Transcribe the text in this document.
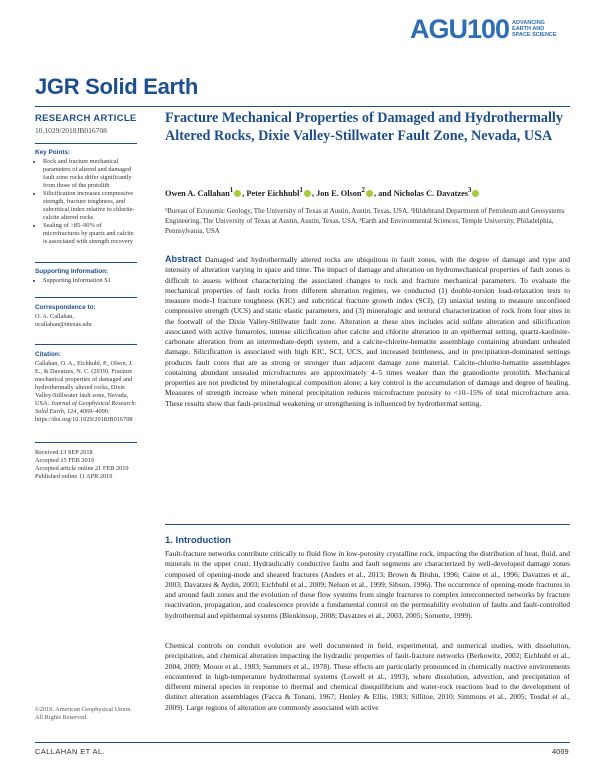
AGU100 ADVANCING
EARTH AND
SPACE SCIENCE
JGR Solid Earth
RESEARCH ARTICLE
10.1029/2018JB016708
Key Points:
• Rock and fracture mechanical parameters of altered and damaged fault zone rocks differ significantly from those of the protolith
• Silicification increases compressive strength, fracture toughness, and subcritical index relative to chlorite-calcite altered rocks
• Sealing of >85–90% of microfractures by quartz and calcite is associated with strength recovery
Supporting Information:
• Supporting Information S1
Correspondence to:
O. A. Callahan,
ocallahan@utexas.edu
Citation:
Callahan, O. A., Eichhubl, P., Olson, J. E., & Davatzes, N. C. (2019). Fracture mechanical properties of damaged and hydrothermally altered rocks, Dixie Valley-Stillwater fault zone, Nevada, USA. Journal of Geophysical Research: Solid Earth, 124, 4069–4090. https://doi.org/10.1029/2018JB016708
Received 13 SEP 2018
Accepted 15 FEB 2019
Accepted article online 21 FEB 2019
Published online 11 APR 2019
©2019. American Geophysical Union.
All Rights Reserved.
Fracture Mechanical Properties of Damaged and Hydrothermally Altered Rocks, Dixie Valley-Stillwater Fault Zone, Nevada, USA
Owen A. Callahan$^1$ , Peter Eichhubl$^1$ , Jon E. Olson$^2$ , and Nicholas C. Davatzes$^3$
¹Bureau of Economic Geology, The University of Texas at Austin, Austin, Texas, USA, ²Hildebrand Department of Petroleum and Geosystems Engineering, The University of Texas at Austin, Austin, Texas, USA, ³Earth and Environmental Sciences, Temple University, Philadelphia, Pennsylvania, USA
Abstract Damaged and hydrothermally altered rocks are ubiquitous in fault zones, with the degree of damage and type and intensity of alteration varying in space and time. The impact of damage and alteration on hydromechanical properties of fault zones is difficult to assess without characterizing the associated changes to rock and fracture mechanical parameters. To evaluate the mechanical properties of fault rocks from different alteration regimes, we conducted (1) double-torsion load-relaxation tests to measure mode-I fracture toughness (KIC) and subcritical fracture growth index (SCI), (2) uniaxial testing to measure unconfined compressive strength (UCS) and static elastic parameters, and (3) mineralogic and textural characterization of rock from four sites in the footwall of the Dixie Valley-Stillwater fault zone. Alteration at these sites includes acid sulfate alteration and silicification associated with active fumaroles, intense silicification after calcite and chlorite alteration in an epithermal setting, quartz-kaolinite-carbonate alteration from an intermediate-depth system, and a calcite-chlorite-hematite assemblage containing abundant unhealed damage. Silicification is associated with high KIC, SCI, UCS, and increased brittleness, and in precipitation-dominated settings produces fault cores that are as strong or stronger than adjacent damage zone material. Calcite-chlorite-hematite assemblages containing abundant unsealed microfractures are approximately 4–5 times weaker than the granodiorite protolith. Mechanical properties are not predicted by mineralogical composition alone; a key control is the accumulation of damage and degree of healing. Measures of strength increase when mineral precipitation reduces microfracture porosity to <10–15% of total microfracture area. These results show that fault-proximal weakening or strengthening is influenced by hydrothermal setting.
1. Introduction

Fault-fracture networks contribute critically to fluid flow in low-porosity crystalline rock, impacting the distribution of heat, fluid, and minerals in the upper crust. Hydraulically conductive faults and fault segments are characterized by well-developed damage zones composed of opening-mode and sheared fractures (Anders et al., 2013; Brown & Bruhn, 1996; Caine et al., 1996; Davatzes et al., 2003; Davatzes & Aydin, 2003; Eichhubl et al., 2009; Nelson et al., 1999; Sibson, 1996). The occurrence of opening-mode fractures in and around fault zones and the evolution of these flow systems from single fractures to complex interconnected networks by fracture reactivation, propagation, and coalescence provide a fundamental control on the permeability evolution of faults and fault-controlled hydrothermal and epithermal systems (Blenkinsop, 2008; Davatzes et al., 2003, 2005; Sornette, 1999).

Chemical controls on conduit evolution are well documented in field, experimental, and numerical studies, with dissolution, precipitation, and chemical alteration impacting the hydraulic properties of fault-fracture networks (Berkowitz, 2002; Eichhubl et al., 2004, 2009; Moore et al., 1983; Summers et al., 1978). These effects are particularly pronounced in chemically reactive environments encountered in high-temperature hydrothermal systems (Lowell et al., 1993), where dissolution, advection, and precipitation of different mineral species in response to thermal and chemical disequilibrium and water-rock reactions lead to the development of distinct alteration assemblages (Facca & Tonani, 1967; Henley & Ellis, 1983; Sillitoe, 2010; Simmons et al., 2005; Tosdal et al., 2009). Large regions of alteration are commonly associated with active

CALLAHAN ET AL.	4069
